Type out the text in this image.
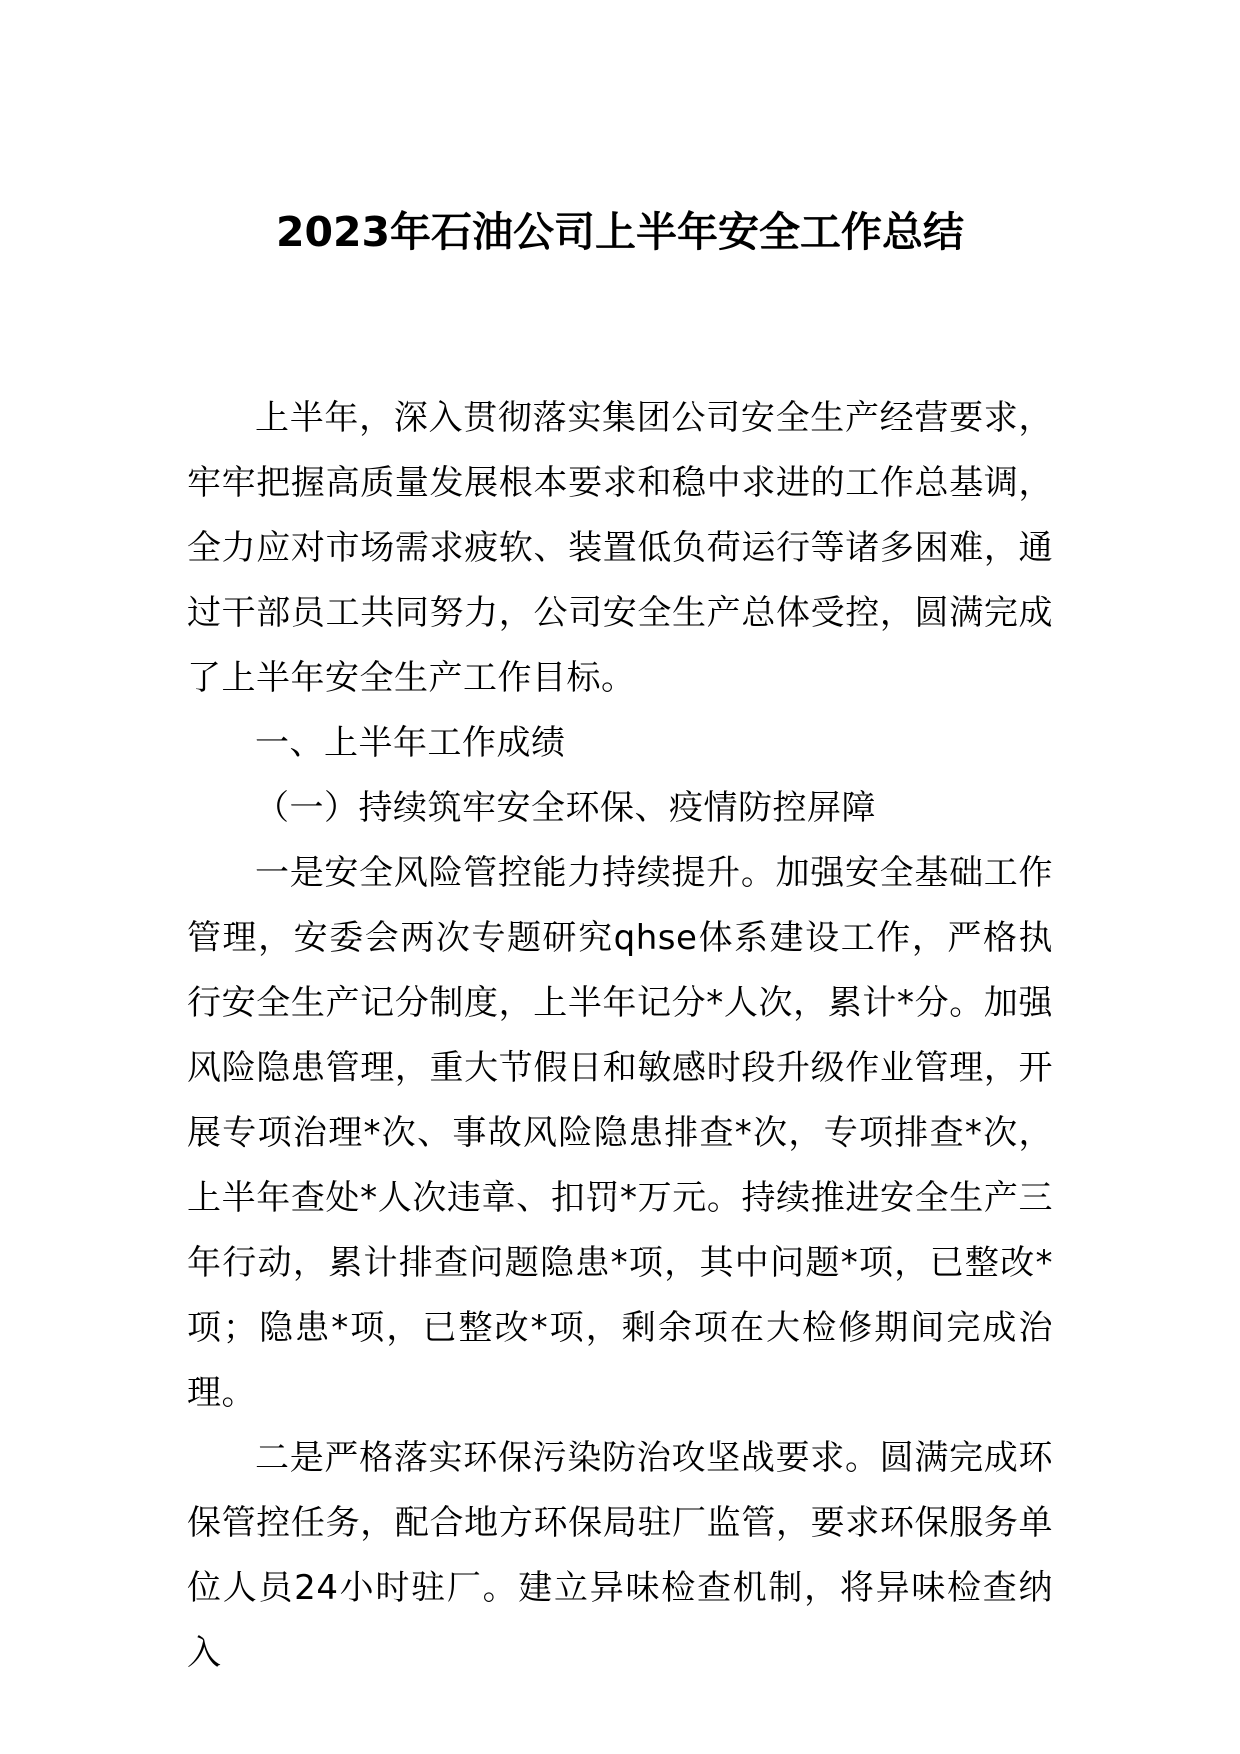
2023年石油公司上半年安全工作总结

上半年，深入贯彻落实集团公司安全生产经营要求，牢牢把握高质量发展根本要求和稳中求进的工作总基调，全力应对市场需求疲软、装置低负荷运行等诸多困难，通过干部员工共同努力，公司安全生产总体受控，圆满完成了上半年安全生产工作目标。

一、上半年工作成绩
（一）持续筑牢安全环保、疫情防控屏障

一是安全风险管控能力持续提升。加强安全基础工作管理，安委会两次专题研究qhse体系建设工作，严格执行安全生产记分制度，上半年记分*人次，累计*分。加强风险隐患管理，重大节假日和敏感时段升级作业管理，开展专项治理*次、事故风险隐患排查*次，专项排查*次，上半年查处*人次违章、扣罚*万元。持续推进安全生产三年行动，累计排查问题隐患*项，其中问题*项，已整改*项；隐患*项，已整改*项，剩余项在大检修期间完成治理。

二是严格落实环保污染防治攻坚战要求。圆满完成环保管控任务，配合地方环保局驻厂监管，要求环保服务单位人员24小时驻厂。建立异味检查机制，将异味检查纳入
